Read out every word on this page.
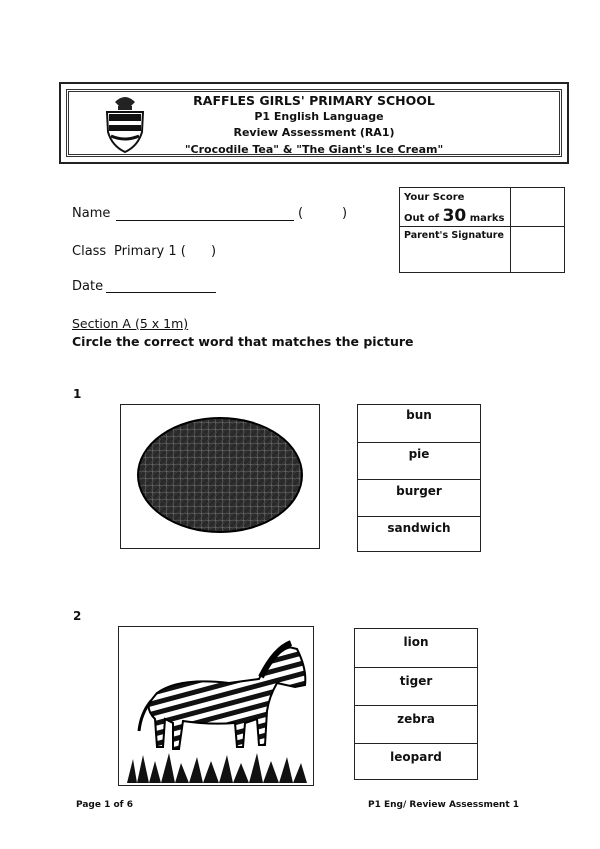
RAFFLES GIRLS' PRIMARY SCHOOL
P1 English Language
Review Assessment (RA1)
"Crocodile Tea" & "The Giant's Ice Cream"
Your Score
Out of 30 marks
Parent's Signature
Name	(	)
Class Primary 1 ( )
Date
Section A (5 x 1m)
Circle the correct word that matches the picture
1
bun
pie
burger
sandwich
2
lion
tiger
zebra
leopard
Page 1 of 6	P1 Eng/ Review Assessment 1
